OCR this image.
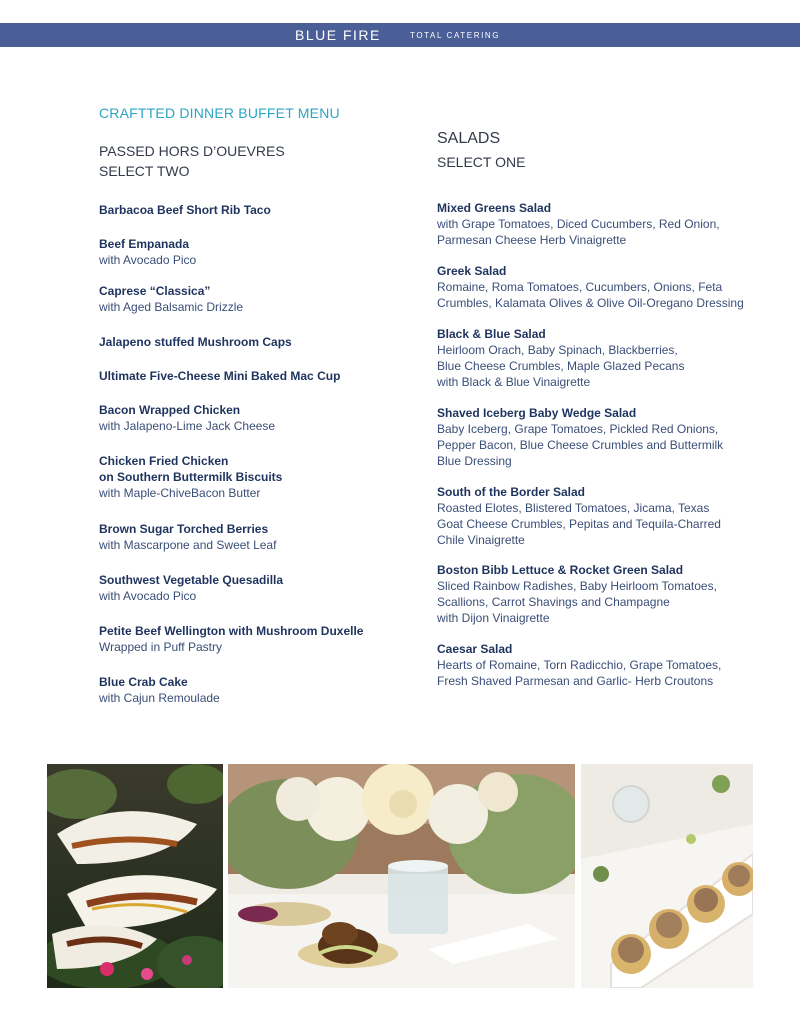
BLUE FIRE	TOTAL CATERING
CRAFTTED DINNER BUFFET MENU
PASSED HORS D’OUEVRES
SELECT TWO
Barbacoa Beef Short Rib Taco
Beef Empanada
with Avocado Pico
Caprese “Classica”
with Aged Balsamic Drizzle
Jalapeno stuffed Mushroom Caps
Ultimate Five-Cheese Mini Baked Mac Cup
Bacon Wrapped Chicken
with Jalapeno-Lime Jack Cheese
Chicken Fried Chicken
on Southern Buttermilk Biscuits
with Maple-ChiveBacon Butter
Brown Sugar Torched Berries
with Mascarpone and Sweet Leaf
Southwest Vegetable Quesadilla
with Avocado Pico
Petite Beef Wellington with Mushroom Duxelle
Wrapped in Puff Pastry
Blue Crab Cake
with Cajun Remoulade
SALADS
SELECT ONE
Mixed Greens Salad
with Grape Tomatoes, Diced Cucumbers, Red Onion,
Parmesan Cheese Herb Vinaigrette
Greek Salad
Romaine, Roma Tomatoes, Cucumbers, Onions, Feta
Crumbles, Kalamata Olives & Olive Oil-Oregano Dressing
Black & Blue Salad
Heirloom Orach, Baby Spinach, Blackberries,
Blue Cheese Crumbles, Maple Glazed Pecans
with Black & Blue Vinaigrette
Shaved Iceberg Baby Wedge Salad
Baby Iceberg, Grape Tomatoes, Pickled Red Onions,
Pepper Bacon, Blue Cheese Crumbles and Buttermilk
Blue Dressing
South of the Border Salad
Roasted Elotes, Blistered Tomatoes, Jicama, Texas
Goat Cheese Crumbles, Pepitas and Tequila-Charred
Chile Vinaigrette
Boston Bibb Lettuce & Rocket Green Salad
Sliced Rainbow Radishes, Baby Heirloom Tomatoes,
Scallions, Carrot Shavings and Champagne
with Dijon Vinaigrette
Caesar Salad
Hearts of Romaine, Torn Radicchio, Grape Tomatoes,
Fresh Shaved Parmesan and Garlic- Herb Croutons
